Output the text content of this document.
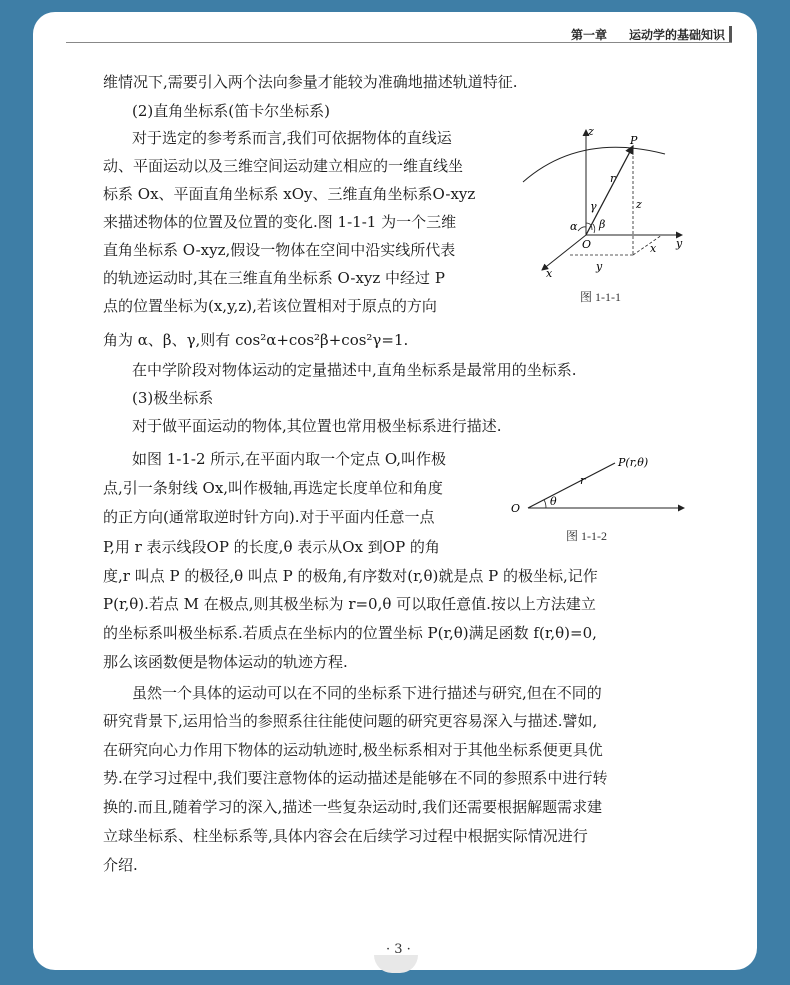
第一章 运动学的基础知识
维情况下,需要引入两个法向参量才能较为准确地描述轨道特征.
(2)直角坐标系(笛卡尔坐标系)
对于选定的参考系而言,我们可依据物体的直线运
动、平面运动以及三维空间运动建立相应的一维直线坐
标系 Ox、平面直角坐标系 xOy、三维直角坐标系O-xyz
来描述物体的位置及位置的变化.图 1-1-1 为一个三维
直角坐标系 O-xyz,假设一物体在空间中沿实线所代表
的轨迹运动时,其在三维直角坐标系 O-xyz 中经过 P
点的位置坐标为(x,y,z),若该位置相对于原点的方向
角为 α、β、γ,则有 cos²α+cos²β+cos²γ=1.
在中学阶段对物体运动的定量描述中,直角坐标系是最常用的坐标系.
(3)极坐标系
对于做平面运动的物体,其位置也常用极坐标系进行描述.
如图 1-1-2 所示,在平面内取一个定点 O,叫作极
点,引一条射线 Ox,叫作极轴,再选定长度单位和角度
的正方向(通常取逆时针方向).对于平面内任意一点
P,用 r 表示线段OP 的长度,θ 表示从Ox 到OP 的角
度,r 叫点 P 的极径,θ 叫点 P 的极角,有序数对(r,θ)就是点 P 的极坐标,记作
P(r,θ).若点 M 在极点,则其极坐标为 r=0,θ 可以取任意值.按以上方法建立
的坐标系叫极坐标系.若质点在坐标内的位置坐标 P(r,θ)满足函数 f(r,θ)=0,
那么该函数便是物体运动的轨迹方程.
虽然一个具体的运动可以在不同的坐标系下进行描述与研究,但在不同的
研究背景下,运用恰当的参照系往往能使问题的研究更容易深入与描述.譬如,
在研究向心力作用下物体的运动轨迹时,极坐标系相对于其他坐标系便更具优
势.在学习过程中,我们要注意物体的运动描述是能够在不同的参照系中进行转
换的.而且,随着学习的深入,描述一些复杂运动时,我们还需要根据解题需求建
立球坐标系、柱坐标系等,具体内容会在后续学习过程中根据实际情况进行
介绍.
z
y
x
P
O
r
γ
α β
z
x
y
图 1-1-1
P(r,θ)
r
θ
O
图 1-1-2
· 3 ·
